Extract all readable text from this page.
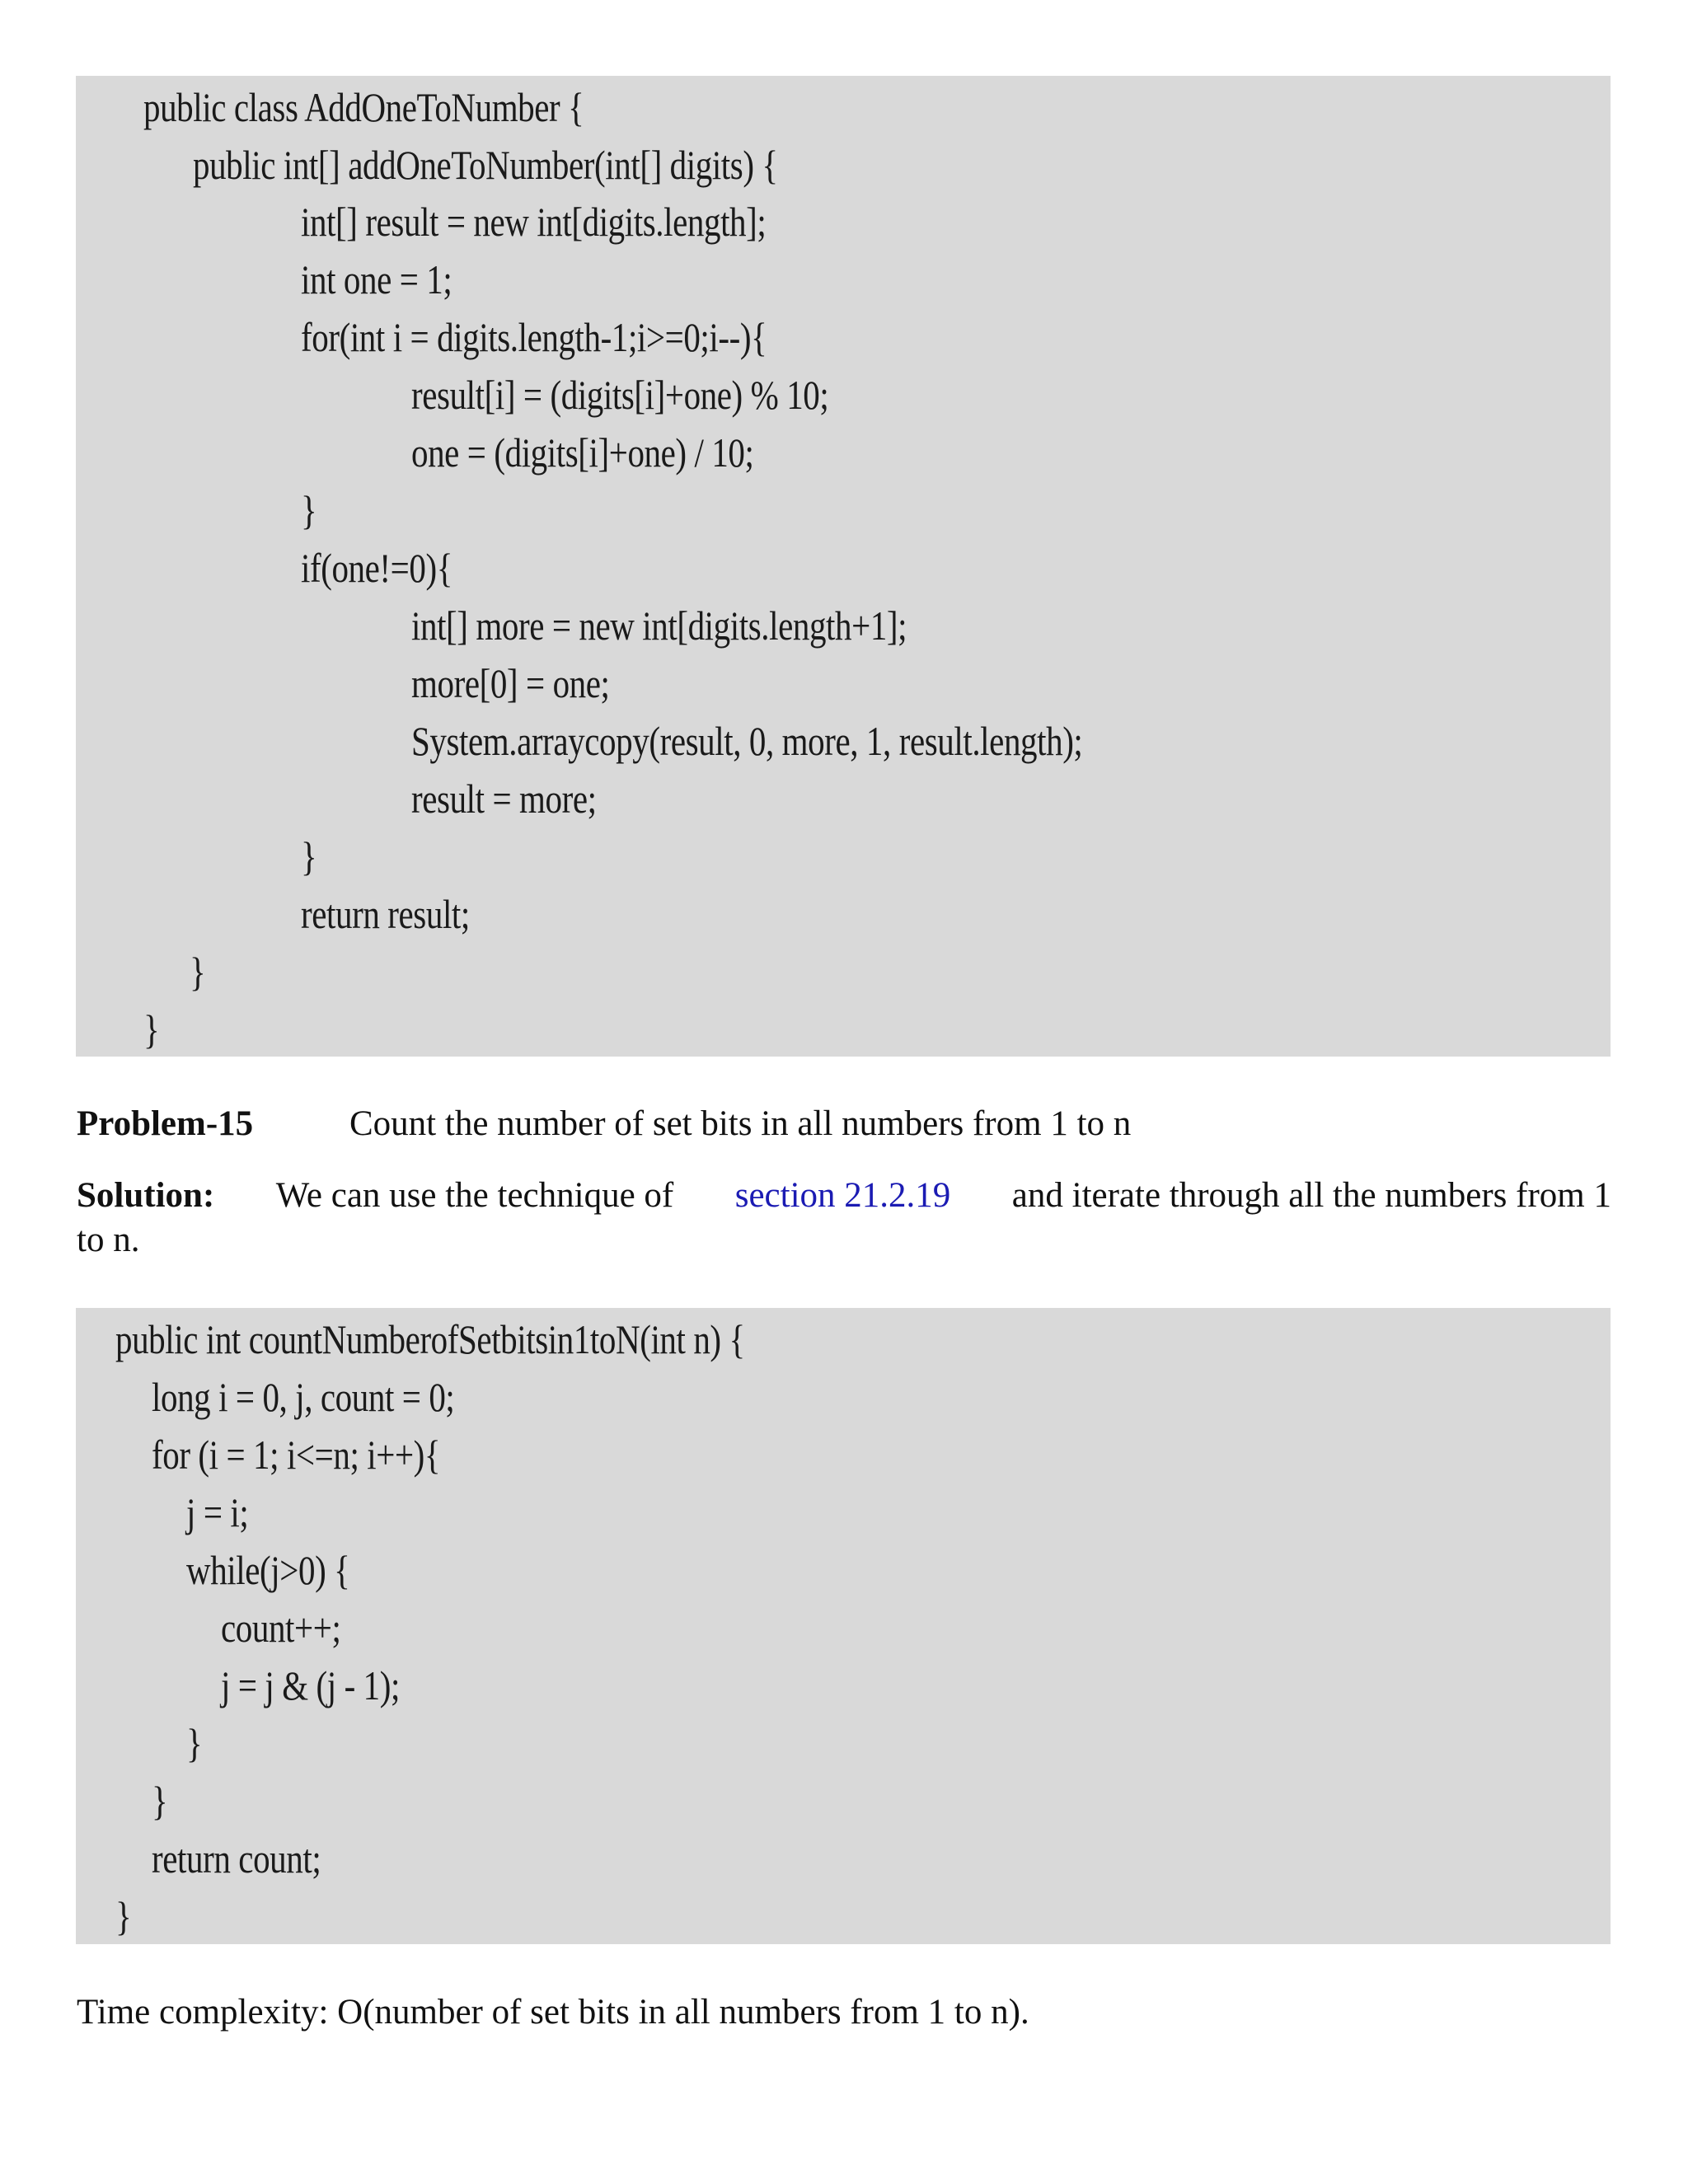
public class AddOneToNumber {
public int[] addOneToNumber(int[] digits) {
int[] result = new int[digits.length];
int one = 1;
for(int i = digits.length-1;i>=0;i--){
result[i] = (digits[i]+one) % 10;
one = (digits[i]+one) / 10;
}
if(one!=0){
int[] more = new int[digits.length+1];
more[0] = one;
System.arraycopy(result, 0, more, 1, result.length);
result = more;
}
return result;
}
}
Problem-15	Count the number of set bits in all numbers from 1 to n
Solution: We can use the technique of section 21.2.19 and iterate through all the numbers from 1
to n.
public int countNumberofSetbitsin1toN(int n) {
long i = 0, j, count = 0;
for (i = 1; i<=n; i++){
j = i;
while(j>0) {
count++;
j = j & (j - 1);
}
}
return count;
}
Time complexity: O(number of set bits in all numbers from 1 to n).
